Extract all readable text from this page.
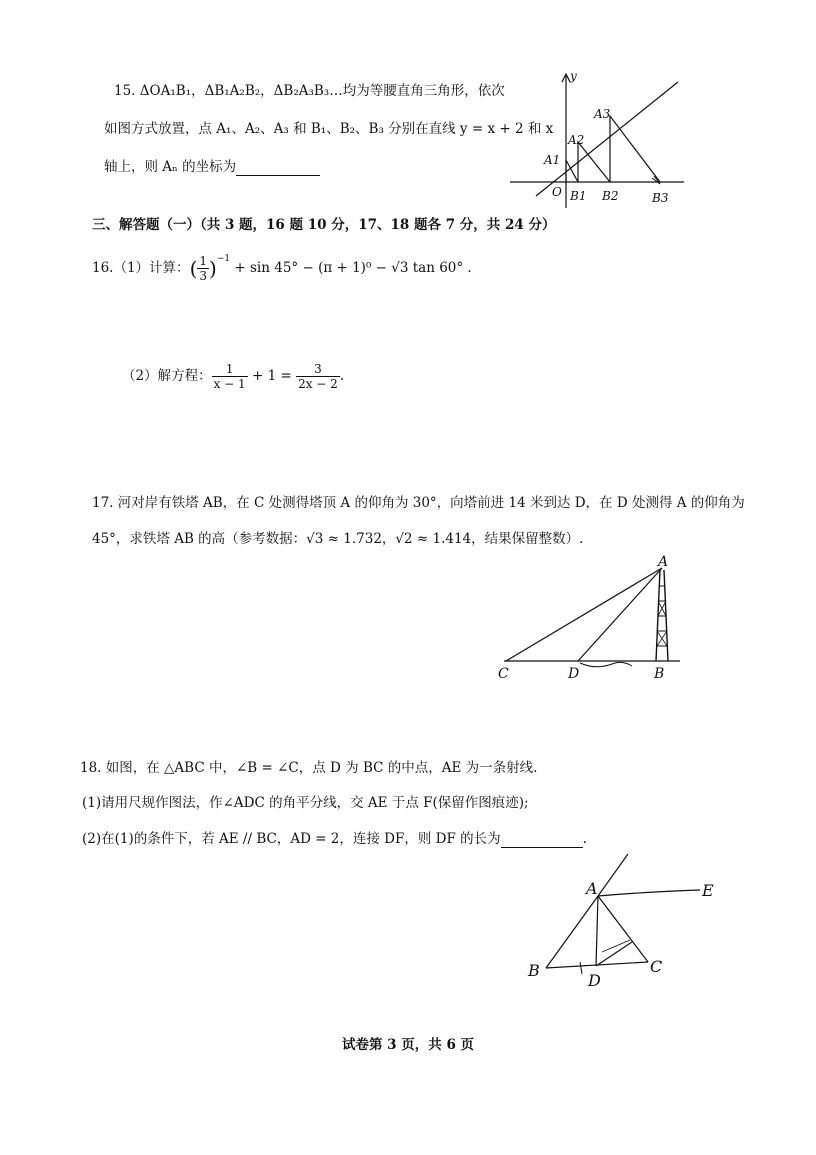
15. ΔOA₁B₁，ΔB₁A₂B₂，ΔB₂A₃B₃…均为等腰直角三角形，依次
如图方式放置，点 A₁、A₂、A₃ 和 B₁、B₂、B₃ 分别在直线 y = x + 2 和 x
轴上，则 Aₙ 的坐标为
y
A1
A2
A3
O B1 B2	B3
三、解答题（一）（共 3 题，16 题 10 分，17、18 题各 7 分，共 24 分）
16.（1）计算：( $\frac{1}{3} )^{-1} + \sin 45^\circ - (\pi + 1)^0 - √3$ tan 60° .
（2）解方程： $\frac{1}{x - 1} + 1 = \frac{3}{2x - 2}$ .
17. 河对岸有铁塔 AB，在 C 处测得塔顶 A 的仰角为 30°，向塔前进 14 米到达 D，在 D 处测得 A 的仰角为
45°，求铁塔 AB 的高（参考数据：√3 ≈ 1.732，√2 ≈ 1.414，结果保留整数）.
A
C	D	B
18. 如图，在 △ABC 中，∠B = ∠C，点 D 为 BC 的中点，AE 为一条射线.
(1)请用尺规作图法，作∠ADC 的角平分线，交 AE 于点 F(保留作图痕迹);
(2)在(1)的条件下，若 AE // BC，AD = 2，连接 DF，则 DF 的长为	.
A	E
B
D
C
试卷第 3 页，共 6 页
